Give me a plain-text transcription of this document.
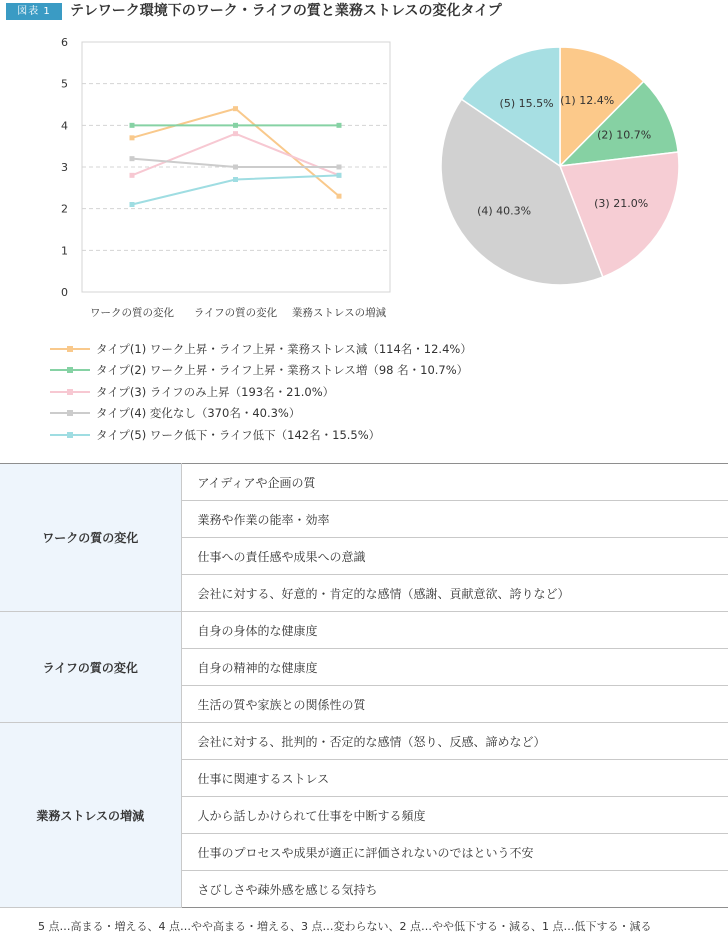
図表 1	テレワーク環境下のワーク・ライフの質と業務ストレスの変化タイプ
0
1
2
3
4
5
6
ワークの質の変化 ライフの質の変化 業務ストレスの増減
(1) 12.4%
(2) 10.7%
(3) 21.0%
(4) 40.3%
(5) 15.5%
タイプ(1) ワーク上昇・ライフ上昇・業務ストレス減（114名・12.4%）
タイプ(2) ワーク上昇・ライフ上昇・業務ストレス増（98 名・10.7%）
タイプ(3) ライフのみ上昇（193名・21.0%）
タイプ(4) 変化なし（370名・40.3%）
タイプ(5) ワーク低下・ライフ低下（142名・15.5%）
ワークの質の変化	アイディアや企画の質
	業務や作業の能率・効率
	仕事への責任感や成果への意識
	会社に対する、好意的・肯定的な感情（感謝、貢献意欲、誇りなど）
ライフの質の変化	自身の身体的な健康度
	自身の精神的な健康度
	生活の質や家族との関係性の質
業務ストレスの増減	会社に対する、批判的・否定的な感情（怒り、反感、諦めなど）
	仕事に関連するストレス
	人から話しかけられて仕事を中断する頻度
	仕事のプロセスや成果が適正に評価されないのではという不安
	さびしさや疎外感を感じる気持ち
5 点…高まる・増える、4 点…やや高まる・増える、3 点…変わらない、2 点…やや低下する・減る、1 点…低下する・減る
